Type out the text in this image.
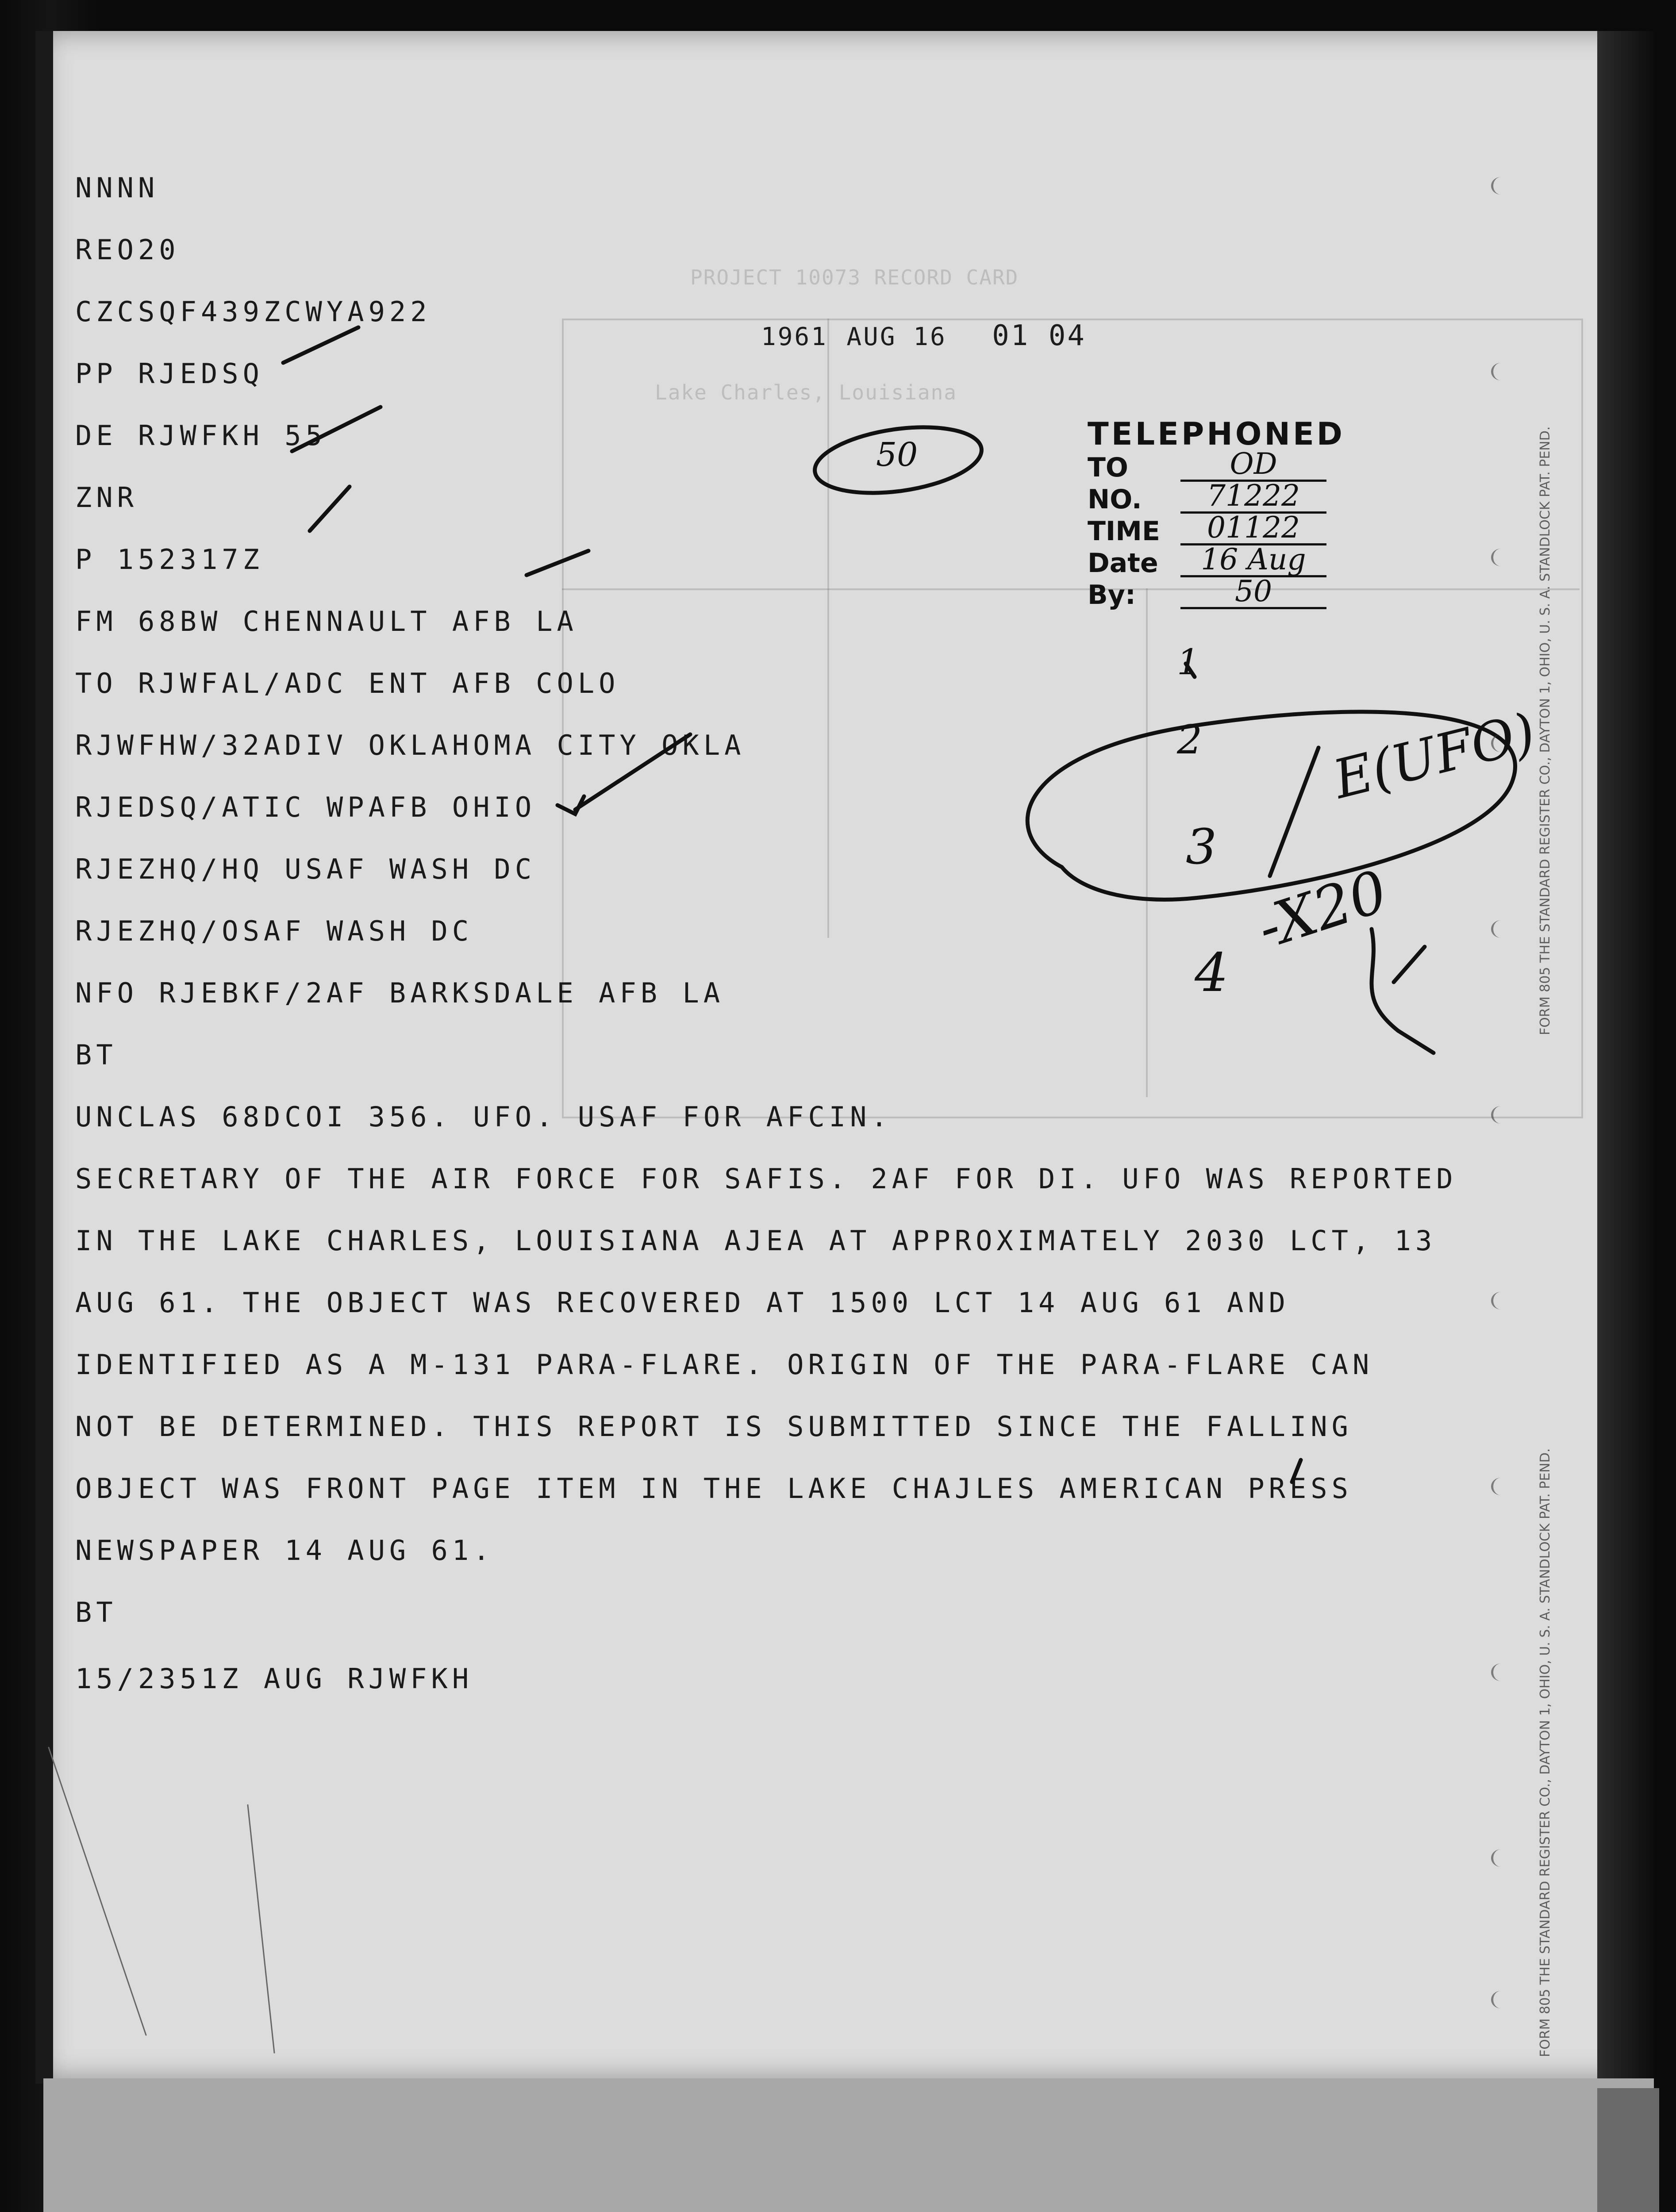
PROJECT 10073 RECORD CARD
Lake Charles, Louisiana
NNNN
REO20
CZCSQF439ZCWYA922
PP RJEDSQ
DE RJWFKH 55
ZNR
P 152317Z
FM 68BW CHENNAULT AFB LA
TO RJWFAL/ADC ENT AFB COLO
RJWFHW/32ADIV OKLAHOMA CITY OKLA
RJEDSQ/ATIC WPAFB OHIO
RJEZHQ/HQ USAF WASH DC
RJEZHQ/OSAF WASH DC
NFO RJEBKF/2AF BARKSDALE AFB LA
BT
UNCLAS 68DCOI 356. UFO. USAF FOR AFCIN.
SECRETARY OF THE AIR FORCE FOR SAFIS. 2AF FOR DI. UFO WAS REPORTED
IN THE LAKE CHARLES, LOUISIANA AJEA AT APPROXIMATELY 2030 LCT, 13
AUG 61. THE OBJECT WAS RECOVERED AT 1500 LCT 14 AUG 61 AND
IDENTIFIED AS A M-131 PARA-FLARE. ORIGIN OF THE PARA-FLARE CAN
NOT BE DETERMINED. THIS REPORT IS SUBMITTED SINCE THE FALLING
OBJECT WAS FRONT PAGE ITEM IN THE LAKE CHAJLES AMERICAN PRESS
NEWSPAPER 14 AUG 61.
BT
15/2351Z AUG RJWFKH
1961 AUG 16 01 04
TELEPHONED
TO	OD
NO.	71222
TIME	01122
Date	16 Aug
By:	50
50
1
2
3
E(UFO)
4
-X20	FORM 805 THE STANDARD REGISTER CO., DAYTON 1, OHIO, U. S. A. STANDLOCK PAT. PEND.
FORM 805 THE STANDARD REGISTER CO., DAYTON 1, OHIO, U. S. A. STANDLOCK PAT. PEND.
